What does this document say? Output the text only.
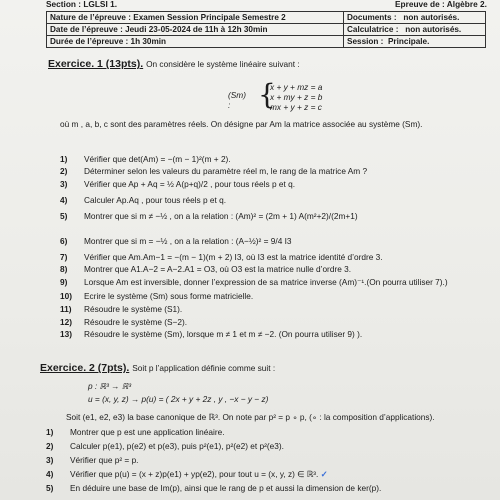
Section : LGLSI 1.	Epreuve de : Algèbre 2.
Nature de l’épreuve : Examen Session Principale Semestre 2	Documents : non autorisés.
Date de l’épreuve : Jeudi 23-05-2024 de 11h à 12h 30min	Calculatrice : non autorisés.
Durée de l’épreuve : 1h 30min	Session : Principale.
Exercice. 1 (13pts). On considère le système linéaire suivant :
(Sm) : {
x + y + mz = a
x + my + z = b
mx + y + z = c
où m , a, b, c sont des paramètres réels. On désigne par Am la matrice associée au système (Sm).
1) Vérifier que det(Am) = −(m − 1)²(m + 2).
2) Déterminer selon les valeurs du paramètre réel m, le rang de la matrice Am ?
3) Vérifier que Ap + Aq = ½ A(p+q)/2 , pour tous réels p et q.
4) Calculer Ap.Aq , pour tous réels p et q.
5) Montrer que si m ≠ −½ , on a la relation : (Am)² = (2m + 1) A(m²+2)/(2m+1)
6) Montrer que si m = −½ , on a la relation : (A−½)² = 9/4 I3
7) Vérifier que Am.Am−1 = −(m − 1)(m + 2) I3, où I3 est la matrice identité d’ordre 3.
8) Montrer que A1.A−2 = A−2.A1 = O3, où O3 est la matrice nulle d’ordre 3.
9) Lorsque Am est inversible, donner l’expression de sa matrice inverse (Am)⁻¹.(On pourra utiliser 7).)
10) Ecrire le système (Sm) sous forme matricielle.
11) Résoudre le système (S1).
12) Résoudre le système (S−2).
13) Résoudre le système (Sm), lorsque m ≠ 1 et m ≠ −2. (On pourra utiliser 9) ).
Exercice. 2 (7pts). Soit p l’application définie comme suit :
p : ℝ³ → ℝ³
u = (x, y, z) → p(u) = ( 2x + y + 2z , y , −x − y − z)
Soit (e1, e2, e3) la base canonique de ℝ³. On note par p² = p ∘ p, (∘ : la composition d’applications).
1) Montrer que p est une application linéaire.
2) Calculer p(e1), p(e2) et p(e3), puis p²(e1), p²(e2) et p²(e3).
3) Vérifier que p² = p.
4) Vérifier que p(u) = (x + z)p(e1) + yp(e2), pour tout u = (x, y, z) ∈ ℝ³. ✓
5) En déduire une base de Im(p), ainsi que le rang de p et aussi la dimension de ker(p).
